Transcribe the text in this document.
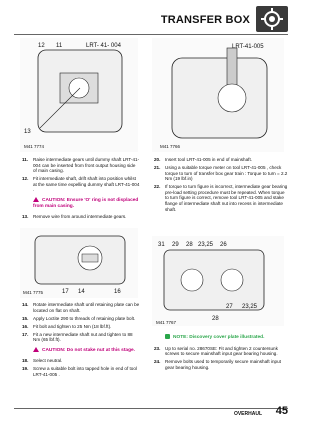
TRANSFER BOX
12 11	LRT- 41- 004
13
M41 7774
LRT-41-005
M41 7766
17 14	16
M41 7775
31 29 28 23,25 26
27 23,25
28
M41 7767
11.	Raise intermediate gears until dummy shaft LRT-41-004 can be inserted from front output housing side of main casing.
12.	Fit intermediate shaft, drift shaft into position whilst at the same time expelling dummy shaft LRT-41-004 .
CAUTION: Ensure 'O' ring is not displaced from main casing.
13.	Remove wire from around intermediate gears.
14.	Rotate intermediate shaft until retaining plate can be located on flat on shaft.
15.	Apply Loctite 290 to threads of retaining plate bolt.
16.	Fit bolt and tighten to 25 Nm (18 lbf.ft).
17.	Fit a new intermediate shaft nut and tighten to 88 Nm (65 lbf.ft).
CAUTION: Do not stake nut at this stage.
18.	Select neutral.
19.	Screw a suitable bolt into tapped hole in end of tool LRT-41-005 .
20.	Insert tool LRT-41-005 in end of mainshaft.
21.	Using a suitable torque meter on tool LRT-41-005 , check torque to turn of transfer box gear train : Torque to turn = 2.2 Nm (19 lbf.in)
22.	If torque to turn figure is incorrect, intermediate gear bearing pre-load setting procedure must be repeated. When torque to turn figure is correct, remove tool LRT-41-005 and stake flange of intermediate shaft nut into recess in intermediate shaft.
NOTE: Discovery cover plate illustrated.
23.	Up to serial no. 28670SE: Fit and tighten 2 countersunk screws to secure mainshaft input gear bearing housing.
24.	Remove bolts used to temporarily secure mainshaft input gear bearing housing.
OVERHAUL 45
